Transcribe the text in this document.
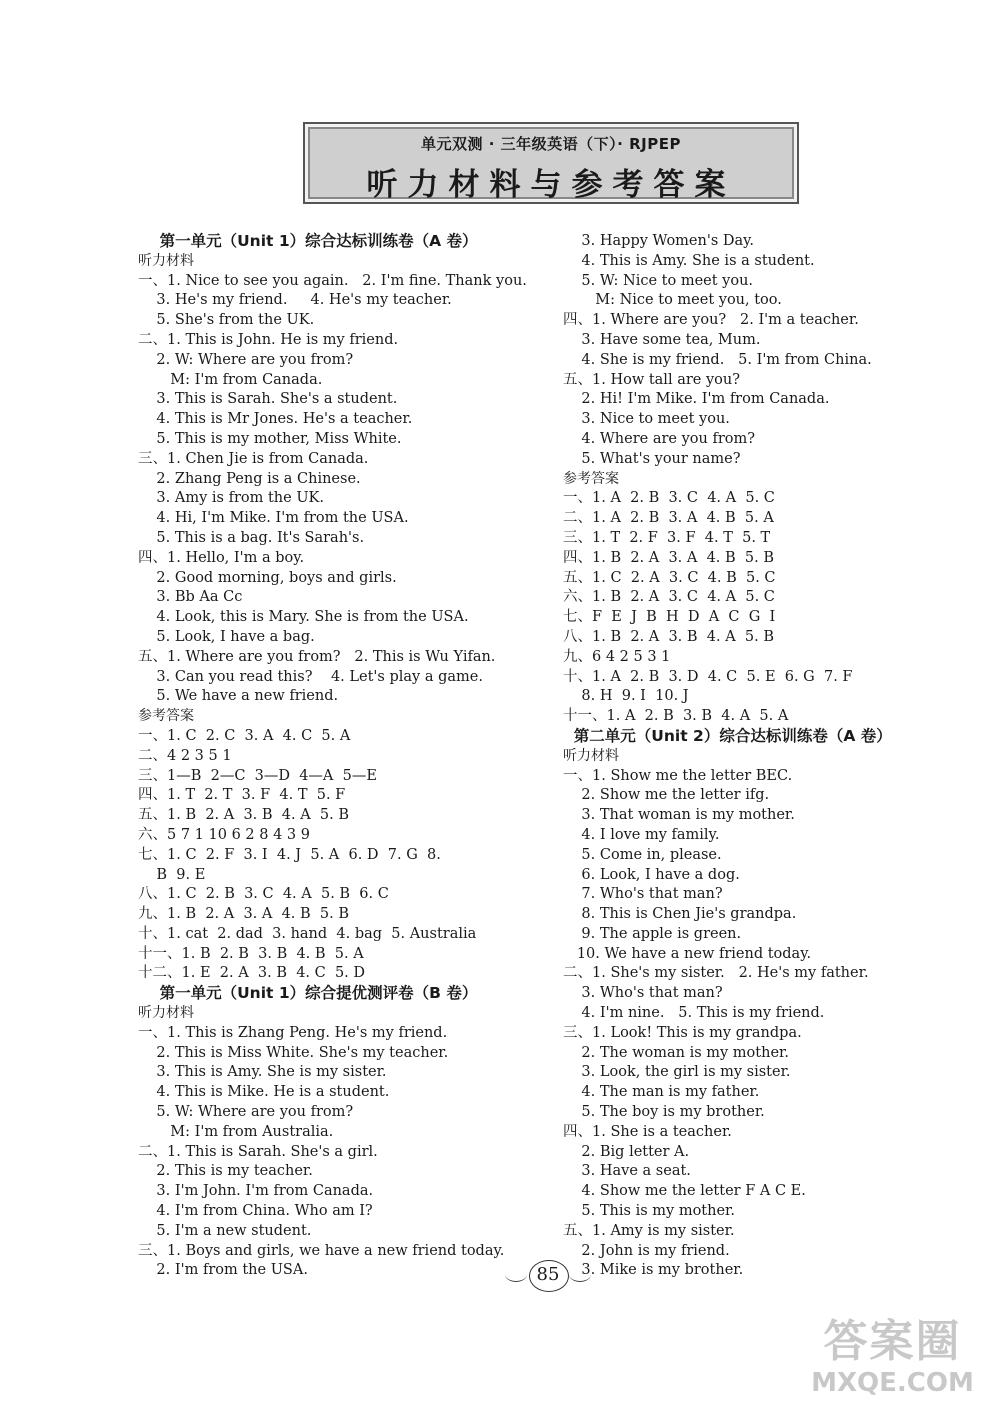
单元双测 · 三年级英语（下）· RJPEP
听力材料与参考答案
第一单元（Unit 1）综合达标训练卷（A 卷）
听力材料
一、1. Nice to see you again.   2. I'm fine. Thank you.
3. He's my friend.     4. He's my teacher.
5. She's from the UK.
二、1. This is John. He is my friend.
2. W: Where are you from?
M: I'm from Canada.
3. This is Sarah. She's a student.
4. This is Mr Jones. He's a teacher.
5. This is my mother, Miss White.
三、1. Chen Jie is from Canada.
2. Zhang Peng is a Chinese.
3. Amy is from the UK.
4. Hi, I'm Mike. I'm from the USA.
5. This is a bag. It's Sarah's.
四、1. Hello, I'm a boy.
2. Good morning, boys and girls.
3. Bb Aa Cc
4. Look, this is Mary. She is from the USA.
5. Look, I have a bag.
五、1. Where are you from?   2. This is Wu Yifan.
3. Can you read this?    4. Let's play a game.
5. We have a new friend.
参考答案
一、1. C  2. C  3. A  4. C  5. A
二、4 2 3 5 1
三、1—B  2—C  3—D  4—A  5—E
四、1. T  2. T  3. F  4. T  5. F
五、1. B  2. A  3. B  4. A  5. B
六、5 7 1 10 6 2 8 4 3 9
七、1. C  2. F  3. I  4. J  5. A  6. D  7. G  8.
B  9. E
八、1. C  2. B  3. C  4. A  5. B  6. C
九、1. B  2. A  3. A  4. B  5. B
十、1. cat  2. dad  3. hand  4. bag  5. Australia
十一、1. B  2. B  3. B  4. B  5. A
十二、1. E  2. A  3. B  4. C  5. D
第一单元（Unit 1）综合提优测评卷（B 卷）
听力材料
一、1. This is Zhang Peng. He's my friend.
2. This is Miss White. She's my teacher.
3. This is Amy. She is my sister.
4. This is Mike. He is a student.
5. W: Where are you from?
M: I'm from Australia.
二、1. This is Sarah. She's a girl.
2. This is my teacher.
3. I'm John. I'm from Canada.
4. I'm from China. Who am I?
5. I'm a new student.
三、1. Boys and girls, we have a new friend today.
2. I'm from the USA.
3. Happy Women's Day.
4. This is Amy. She is a student.
5. W: Nice to meet you.
M: Nice to meet you, too.
四、1. Where are you?   2. I'm a teacher.
3. Have some tea, Mum.
4. She is my friend.   5. I'm from China.
五、1. How tall are you?
2. Hi! I'm Mike. I'm from Canada.
3. Nice to meet you.
4. Where are you from?
5. What's your name?
参考答案
一、1. A  2. B  3. C  4. A  5. C
二、1. A  2. B  3. A  4. B  5. A
三、1. T  2. F  3. F  4. T  5. T
四、1. B  2. A  3. A  4. B  5. B
五、1. C  2. A  3. C  4. B  5. C
六、1. B  2. A  3. C  4. A  5. C
七、F  E  J  B  H  D  A  C  G  I
八、1. B  2. A  3. B  4. A  5. B
九、6 4 2 5 3 1
十、1. A  2. B  3. D  4. C  5. E  6. G  7. F
8. H  9. I  10. J
十一、1. A  2. B  3. B  4. A  5. A
第二单元（Unit 2）综合达标训练卷（A 卷）
听力材料
一、1. Show me the letter BEC.
2. Show me the letter ifg.
3. That woman is my mother.
4. I love my family.
5. Come in, please.
6. Look, I have a dog.
7. Who's that man?
8. This is Chen Jie's grandpa.
9. The apple is green.
10. We have a new friend today.
二、1. She's my sister.   2. He's my father.
3. Who's that man?
4. I'm nine.   5. This is my friend.
三、1. Look! This is my grandpa.
2. The woman is my mother.
3. Look, the girl is my sister.
4. The man is my father.
5. The boy is my brother.
四、1. She is a teacher.
2. Big letter A.
3. Have a seat.
4. Show me the letter F A C E.
5. This is my mother.
五、1. Amy is my sister.
2. John is my friend.
3. Mike is my brother.
85
答案圈
MXQE.COM
